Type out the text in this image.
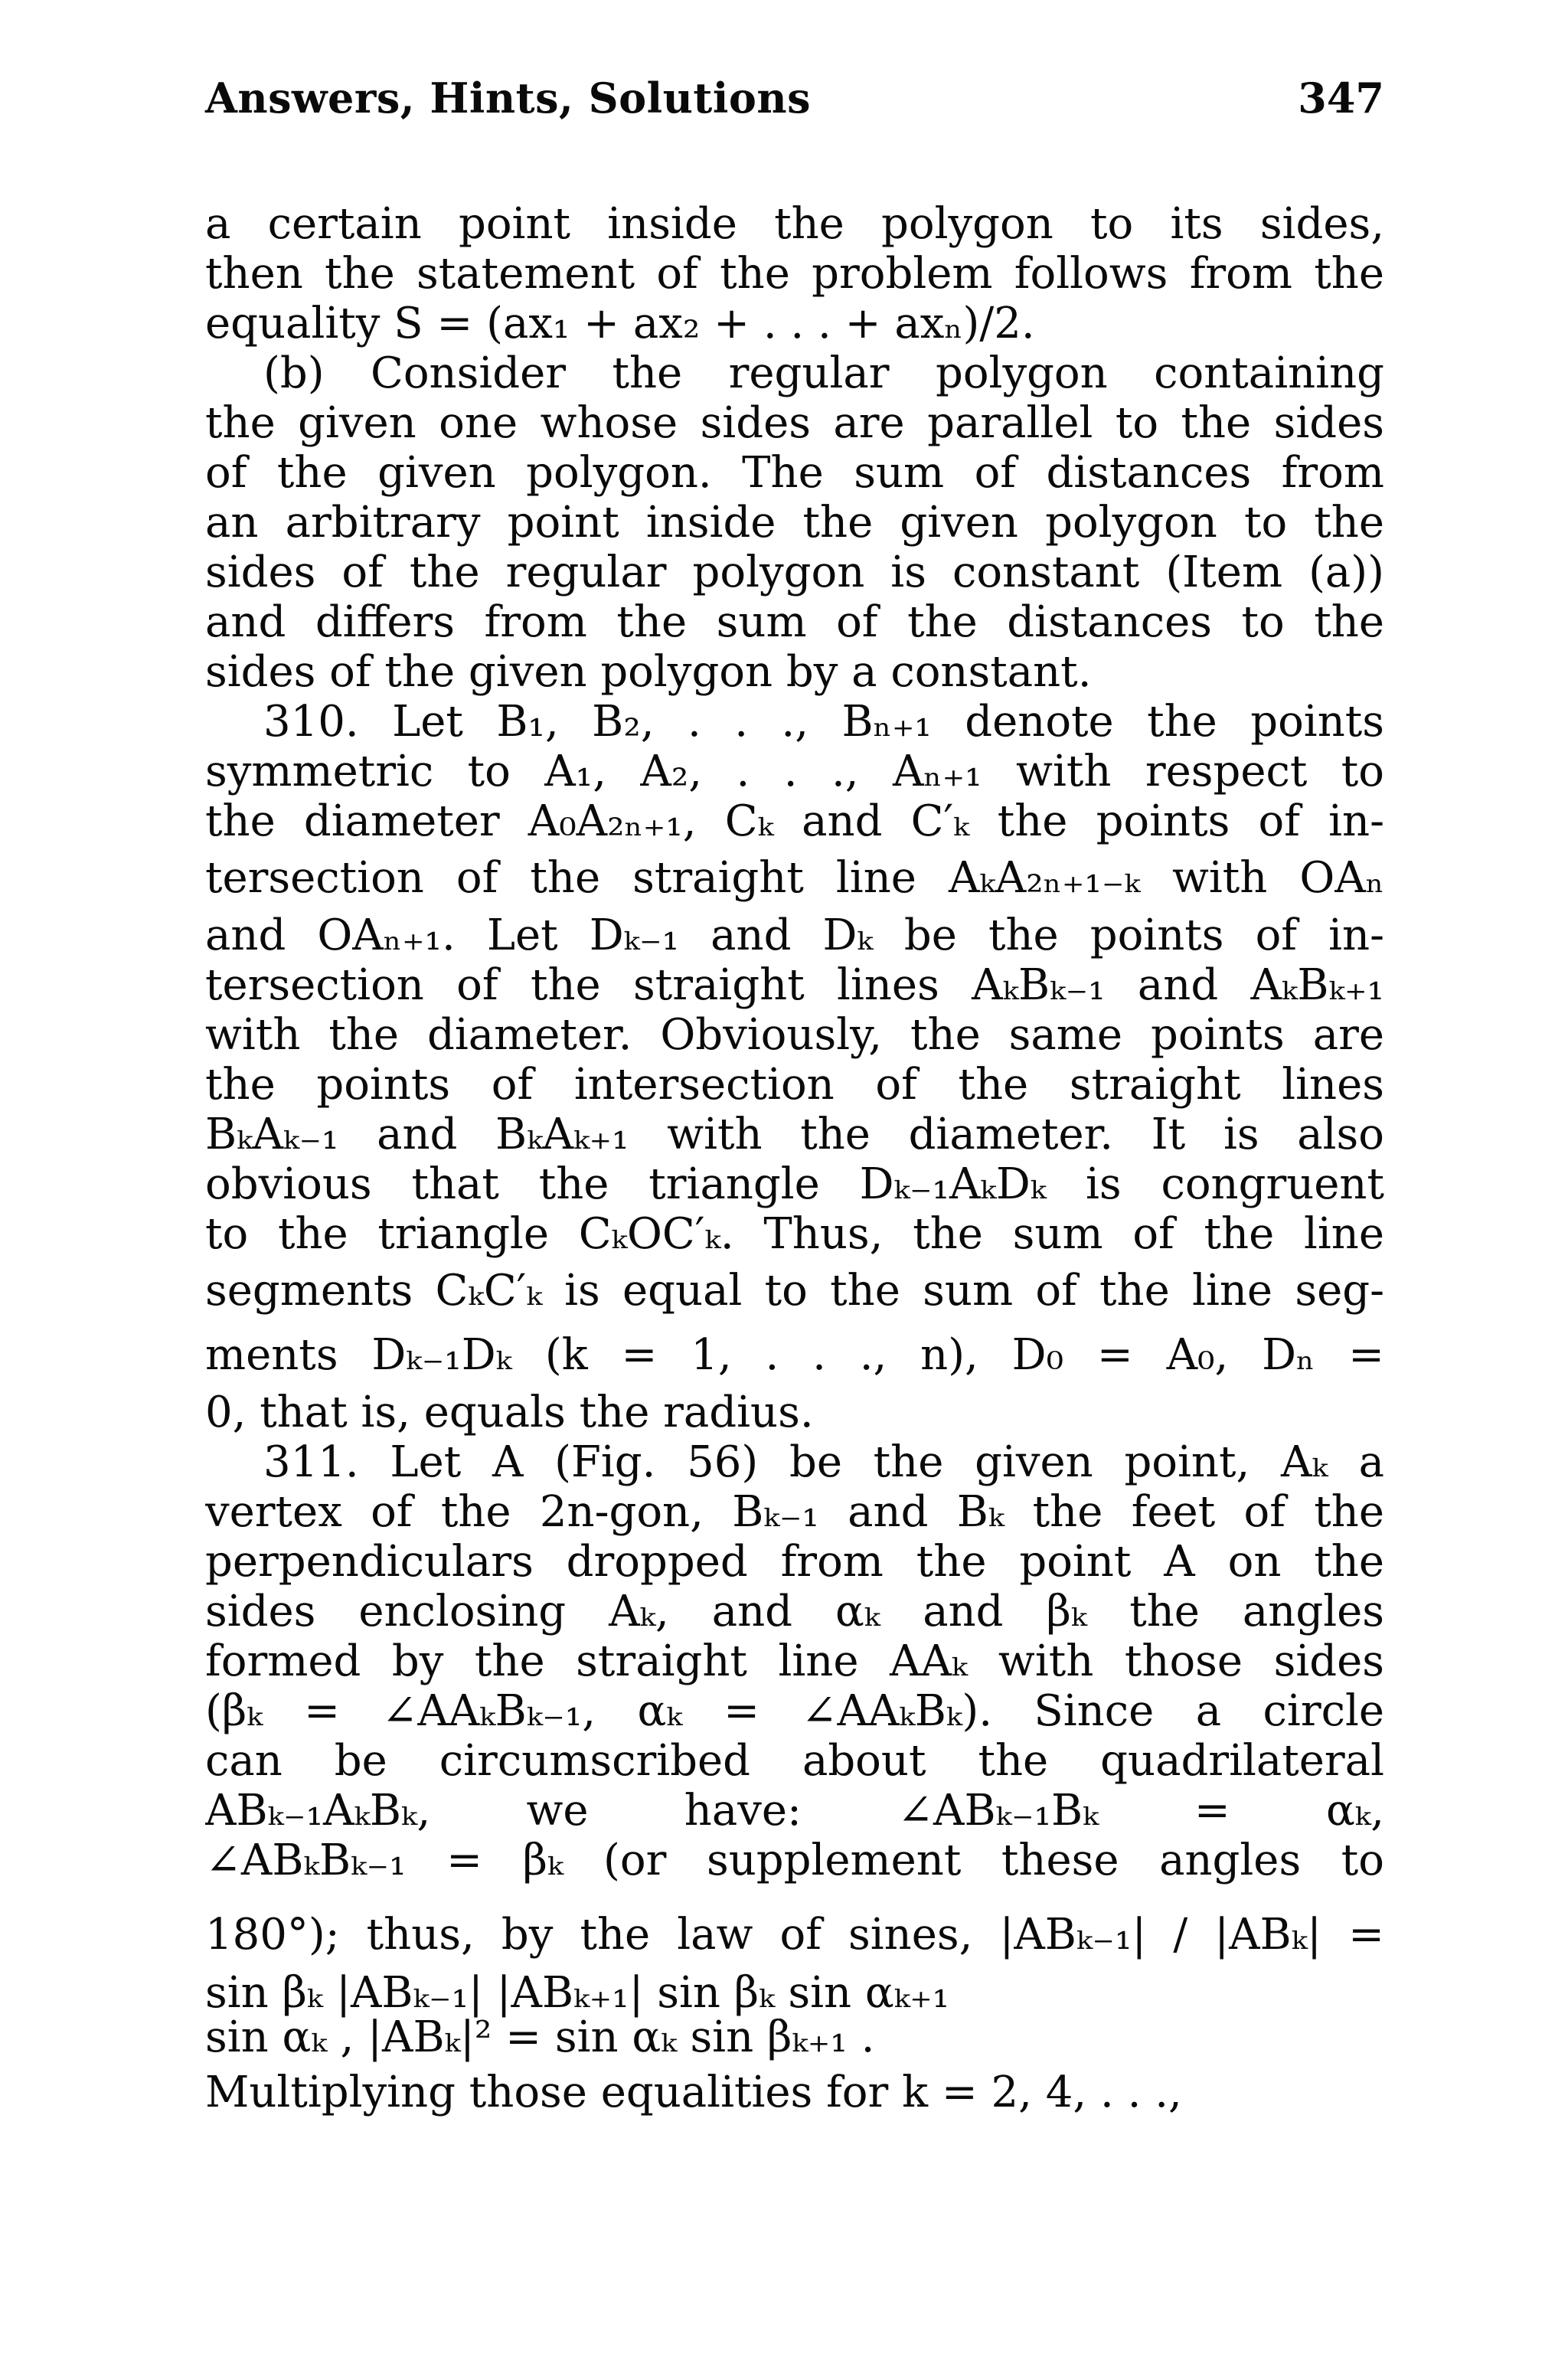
Answers, Hints, Solutions	347
a certain point inside the polygon to its sides,
then the statement of the problem follows from the
equality S = (ax₁ + ax₂ + . . . + axₙ)/2.
(b) Consider the regular polygon containing
the given one whose sides are parallel to the sides
of the given polygon. The sum of distances from
an arbitrary point inside the given polygon to the
sides of the regular polygon is constant (Item (a))
and differs from the sum of the distances to the
sides of the given polygon by a constant.
310. Let B₁, B₂, . . ., Bₙ₊₁ denote the points
symmetric to A₁, A₂, . . ., Aₙ₊₁ with respect to
the diameter A₀A₂ₙ₊₁, Cₖ and C′ₖ the points of in-
tersection of the straight line AₖA₂ₙ₊₁₋ₖ with OAₙ
and OAₙ₊₁. Let Dₖ₋₁ and Dₖ be the points of in-
tersection of the straight lines AₖBₖ₋₁ and AₖBₖ₊₁
with the diameter. Obviously, the same points are
the points of intersection of the straight lines
BₖAₖ₋₁ and BₖAₖ₊₁ with the diameter. It is also
obvious that the triangle Dₖ₋₁AₖDₖ is congruent
to the triangle CₖOC′ₖ. Thus, the sum of the line
segments CₖC′ₖ is equal to the sum of the line seg-
ments Dₖ₋₁Dₖ (k = 1, . . ., n), D₀ = A₀, Dₙ =
0, that is, equals the radius.
311. Let A (Fig. 56) be the given point, Aₖ a
vertex of the 2n-gon, Bₖ₋₁ and Bₖ the feet of the
perpendiculars dropped from the point A on the
sides enclosing Aₖ, and αₖ and βₖ the angles
formed by the straight line AAₖ with those sides
(βₖ = ∠AAₖBₖ₋₁, αₖ = ∠AAₖBₖ). Since a circle
can be circumscribed about the quadrilateral
ABₖ₋₁AₖBₖ, we have: ∠ABₖ₋₁Bₖ = αₖ,
∠ABₖBₖ₋₁ = βₖ (or supplement these angles to
180°); thus, by the law of sines, |ABₖ₋₁| / |ABₖ| =
sin βₖ |ABₖ₋₁| |ABₖ₊₁| sin βₖ sin αₖ₊₁
sin αₖ , |ABₖ|² = sin αₖ sin βₖ₊₁ .
Multiplying those equalities for k = 2, 4, . . .,
